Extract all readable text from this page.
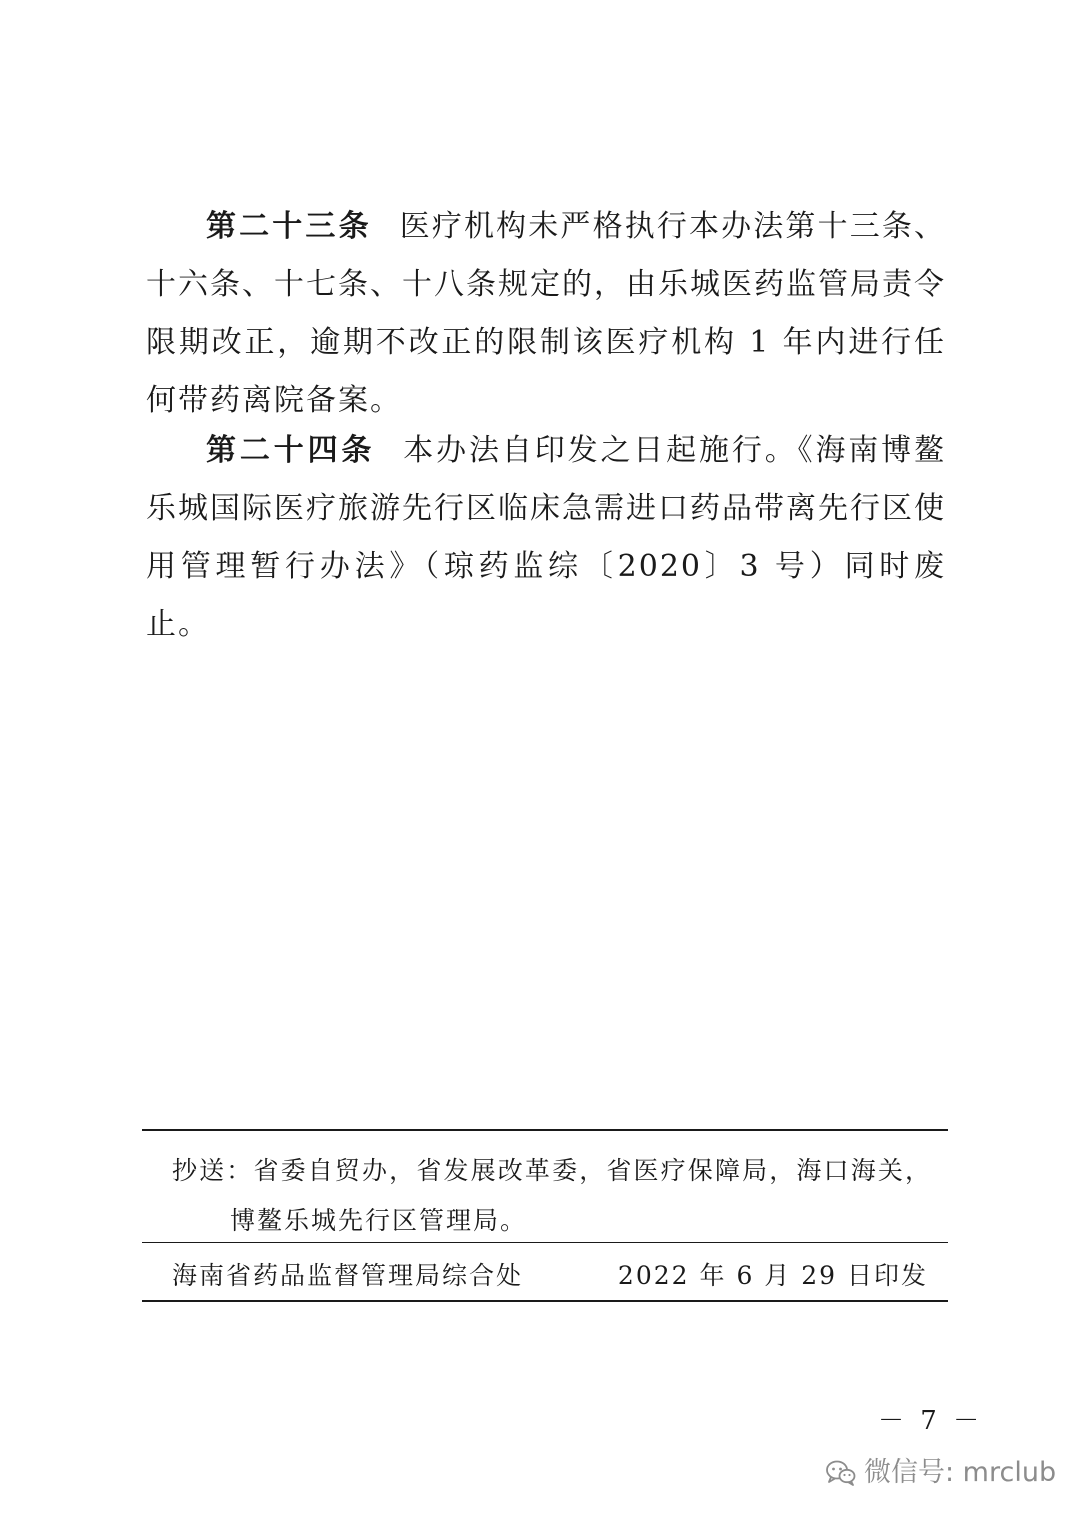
第二十三条 医疗机构未严格执行本办法第十三条、十六条、十七条、十八条规定的，由乐城医药监管局责令限期改正，逾期不改正的限制该医疗机构 1 年内进行任何带药离院备案。

第二十四条 本办法自印发之日起施行。《海南博鳌乐城国际医疗旅游先行区临床急需进口药品带离先行区使用管理暂行办法》（琼药监综〔2020〕3 号）同时废止。

抄送：省委自贸办，省发展改革委，省医疗保障局，海口海关，博鳌乐城先行区管理局。
海南省药品监督管理局综合处	2022 年 6 月 29 日印发
－ 7 －
微信号: mrclub
